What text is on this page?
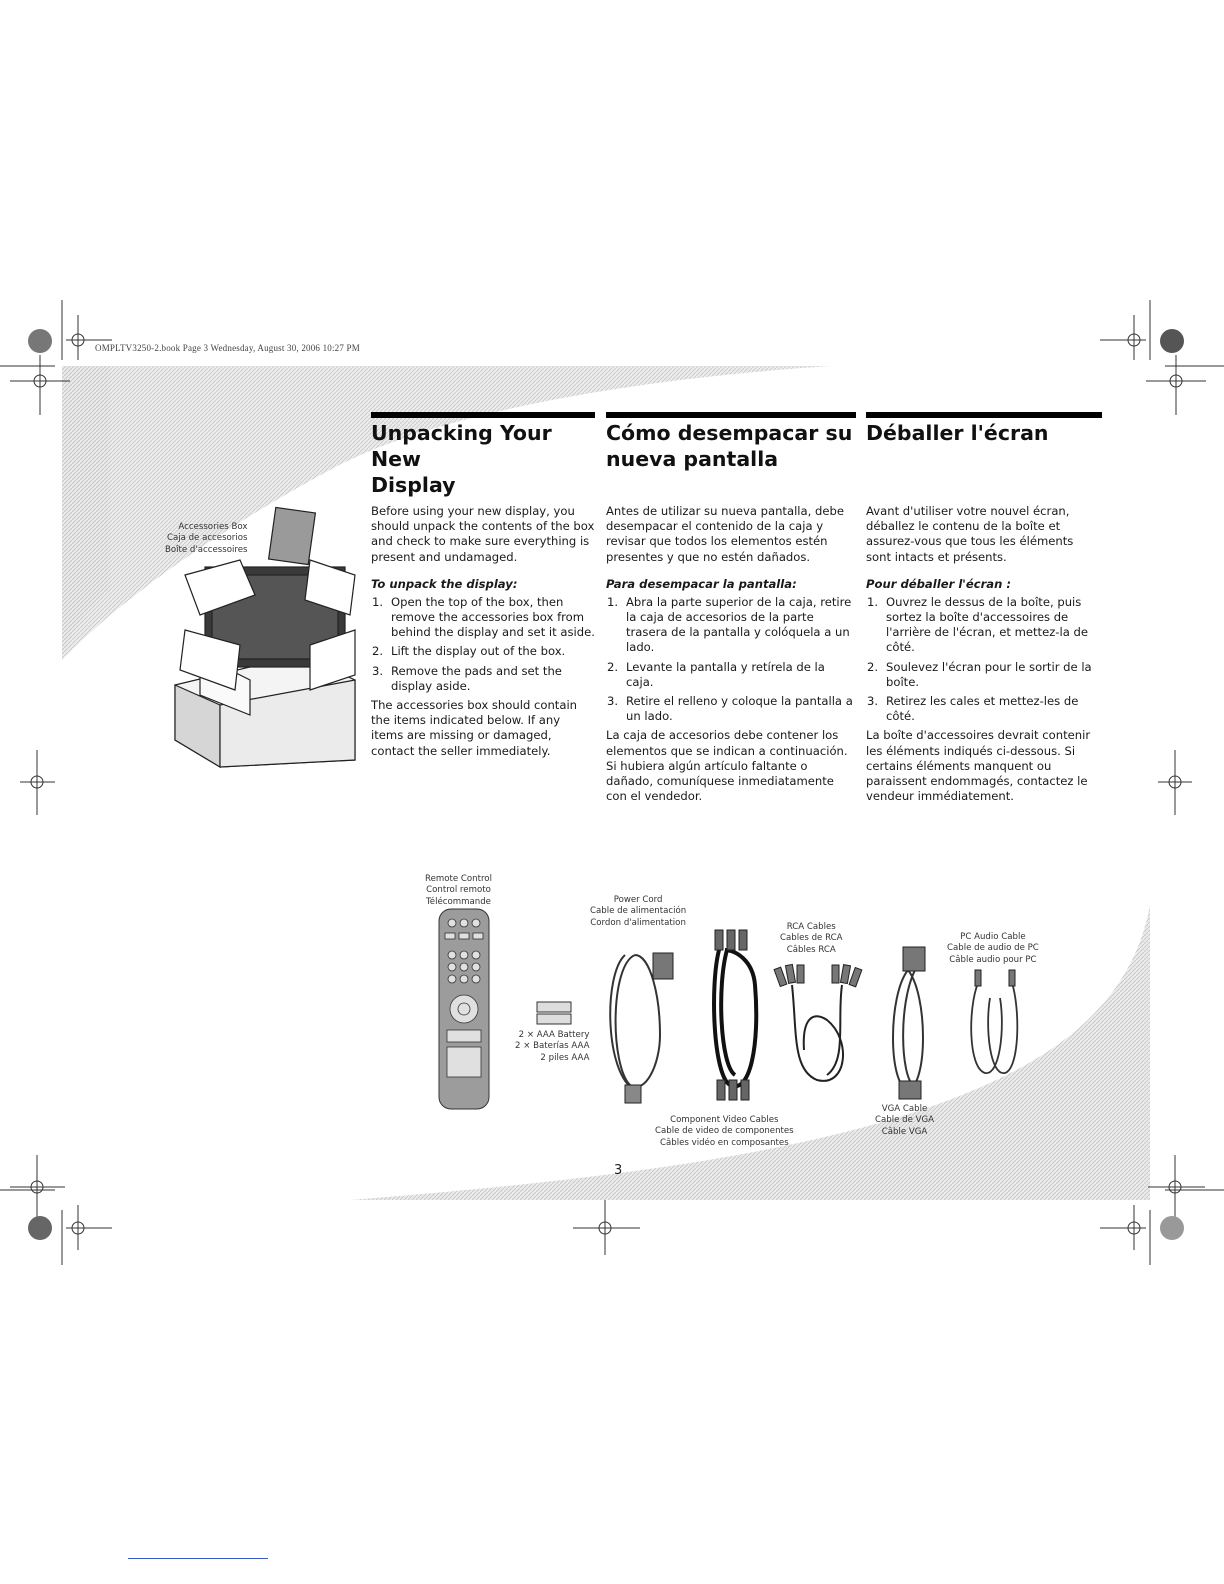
OMPLTV3250-2.book Page 3 Wednesday, August 30, 2006 10:27 PM
Accessories Box
Caja de accesorios
Boîte d'accessoires
Unpacking Your New
Display

Before using your new display, you should unpack the contents of the box and check to make sure everything is present and undamaged.

To unpack the display:
1. Open the top of the box, then remove the accessories box from behind the display and set it aside.
2. Lift the display out of the box.
3. Remove the pads and set the display aside.

The accessories box should contain the items indicated below. If any items are missing or damaged, contact the seller immediately.

Cómo desempacar su
nueva pantalla

Antes de utilizar su nueva pantalla, debe desempacar el contenido de la caja y revisar que todos los elementos estén presentes y que no estén dañados.

Para desempacar la pantalla:
1. Abra la parte superior de la caja, retire la caja de accesorios de la parte trasera de la pantalla y colóquela a un lado.
2. Levante la pantalla y retírela de la caja.
3. Retire el relleno y coloque la pantalla a un lado.

La caja de accesorios debe contener los elementos que se indican a continuación. Si hubiera algún artículo faltante o dañado, comuníquese inmediatamente con el vendedor.

Déballer l'écran

Avant d'utiliser votre nouvel écran, déballez le contenu de la boîte et assurez-vous que tous les éléments sont intacts et présents.

Pour déballer l'écran :
1. Ouvrez le dessus de la boîte, puis sortez la boîte d'accessoires de l'arrière de l'écran, et mettez-la de côté.
2. Soulevez l'écran pour le sortir de la boîte.
3. Retirez les cales et mettez-les de côté.

La boîte d'accessoires devrait contenir les éléments indiqués ci-dessous. Si certains éléments manquent ou paraissent endommagés, contactez le vendeur immédiatement.

Remote Control
Control remoto
Télécommande
2 × AAA Battery
2 × Baterías AAA
2 piles AAA
Power Cord
Cable de alimentación
Cordon d'alimentation	RCA Cables
Cables de RCA
Câbles RCA
VGA Cable
Cable de VGA
Câble VGA
PC Audio Cable
Cable de audio de PC
Câble audio pour PC
Component Video Cables
Cable de video de componentes
Câbles vidéo en composantes
3
